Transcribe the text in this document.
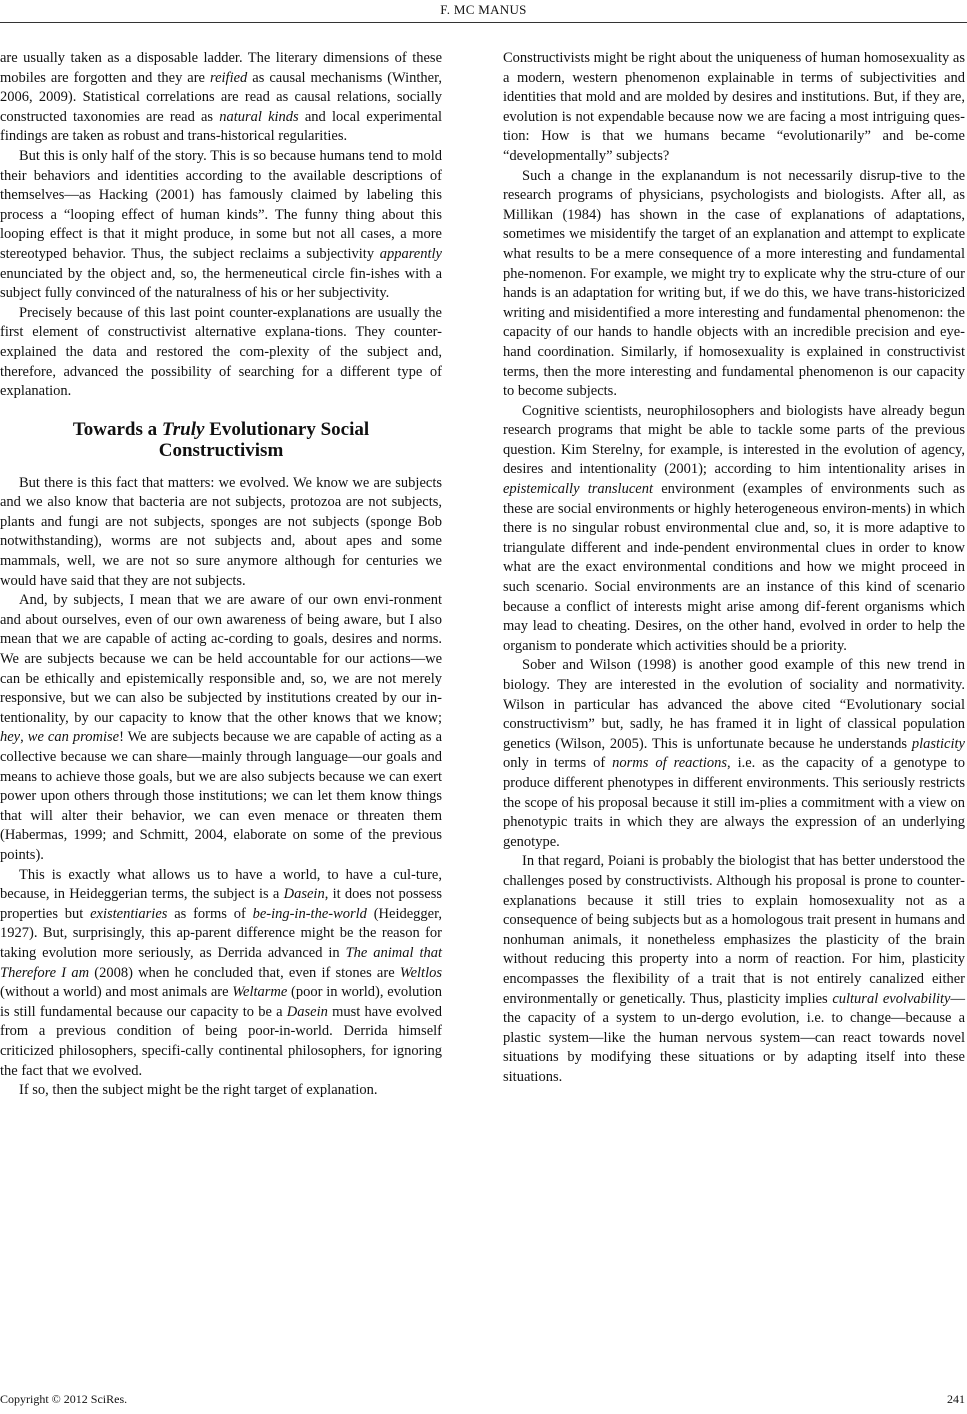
F. MC MANUS

are usually taken as a disposable ladder. The literary dimensions of these mobiles are forgotten and they are reified as causal mechanisms (Winther, 2006, 2009). Statistical correlations are read as causal relations, socially constructed taxonomies are read as natural kinds and local experimental findings are taken as robust and trans-historical regularities.

But this is only half of the story. This is so because humans tend to mold their behaviors and identities according to the available descriptions of themselves—as Hacking (2001) has famously claimed by labeling this process a “looping effect of human kinds”. The funny thing about this looping effect is that it might produce, in some but not all cases, a more stereotyped behavior. Thus, the subject reclaims a subjectivity apparently enunciated by the object and, so, the hermeneutical circle fin-ishes with a subject fully convinced of the naturalness of his or her subjectivity.

Precisely because of this last point counter-explanations are usually the first element of constructivist alternative explana-tions. They counter-explained the data and restored the com-plexity of the subject and, therefore, advanced the possibility of searching for a different type of explanation.

Towards a Truly Evolutionary Social
Constructivism

But there is this fact that matters: we evolved. We know we are subjects and we also know that bacteria are not subjects, protozoa are not subjects, plants and fungi are not subjects, sponges are not subjects (sponge Bob notwithstanding), worms are not subjects and, about apes and some mammals, well, we are not so sure anymore although for centuries we would have said that they are not subjects.

And, by subjects, I mean that we are aware of our own envi-ronment and about ourselves, even of our own awareness of being aware, but I also mean that we are capable of acting ac-cording to goals, desires and norms. We are subjects because we can be held accountable for our actions—we can be ethically and epistemically responsible and, so, we are not merely responsive, but we can also be subjected by institutions created by our in-tentionality, by our capacity to know that the other knows that we know; hey, we can promise! We are subjects because we are capable of acting as a collective because we can share—mainly through language—our goals and means to achieve those goals, but we are also subjects because we can exert power upon others through those institutions; we can let them know things that will alter their behavior, we can even menace or threaten them (Habermas, 1999; and Schmitt, 2004, elaborate on some of the previous points).

This is exactly what allows us to have a world, to have a cul-ture, because, in Heideggerian terms, the subject is a Dasein, it does not possess properties but existentiaries as forms of be-ing-in-the-world (Heidegger, 1927). But, surprisingly, this ap-parent difference might be the reason for taking evolution more seriously, as Derrida advanced in The animal that Therefore I am (2008) when he concluded that, even if stones are Weltlos (without a world) and most animals are Weltarme (poor in world), evolution is still fundamental because our capacity to be a Dasein must have evolved from a previous condition of being poor-in-world. Derrida himself criticized philosophers, specifi-cally continental philosophers, for ignoring the fact that we evolved.

If so, then the subject might be the right target of explanation.

Constructivists might be right about the uniqueness of human homosexuality as a modern, western phenomenon explainable in terms of subjectivities and identities that mold and are molded by desires and institutions. But, if they are, evolution is not expendable because now we are facing a most intriguing ques-tion: How is that we humans became “evolutionarily” and be-come “developmentally” subjects?

Such a change in the explanandum is not necessarily disrup-tive to the research programs of physicians, psychologists and biologists. After all, as Millikan (1984) has shown in the case of explanations of adaptations, sometimes we misidentify the target of an explanation and attempt to explicate what results to be a mere consequence of a more interesting and fundamental phe-nomenon. For example, we might try to explicate why the stru-cture of our hands is an adaptation for writing but, if we do this, we have trans-historicized writing and misidentified a more interesting and fundamental phenomenon: the capacity of our hands to handle objects with an incredible precision and eye-hand coordination. Similarly, if homosexuality is explained in constructivist terms, then the more interesting and fundamental phenomenon is our capacity to become subjects.

Cognitive scientists, neurophilosophers and biologists have already begun research programs that might be able to tackle some parts of the previous question. Kim Sterelny, for example, is interested in the evolution of agency, desires and intentionality (2001); according to him intentionality arises in epistemically translucent environment (examples of environments such as these are social environments or highly heterogeneous environ-ments) in which there is no singular robust environmental clue and, so, it is more adaptive to triangulate different and inde-pendent environmental clues in order to know what are the exact environmental conditions and how we might proceed in such scenario. Social environments are an instance of this kind of scenario because a conflict of interests might arise among dif-ferent organisms which may lead to cheating. Desires, on the other hand, evolved in order to help the organism to ponderate which activities should be a priority.

Sober and Wilson (1998) is another good example of this new trend in biology. They are interested in the evolution of sociality and normativity. Wilson in particular has advanced the above cited “Evolutionary social constructivism” but, sadly, he has framed it in light of classical population genetics (Wilson, 2005). This is unfortunate because he understands plasticity only in terms of norms of reactions, i.e. as the capacity of a genotype to produce different phenotypes in different environments. This seriously restricts the scope of his proposal because it still im-plies a commitment with a view on phenotypic traits in which they are always the expression of an underlying genotype.

In that regard, Poiani is probably the biologist that has better understood the challenges posed by constructivists. Although his proposal is prone to counter-explanations because it still tries to explain homosexuality not as a consequence of being subjects but as a homologous trait present in humans and nonhuman animals, it nonetheless emphasizes the plasticity of the brain without reducing this property into a norm of reaction. For him, plasticity encompasses the flexibility of a trait that is not entirely canalized either environmentally or genetically. Thus, plasticity implies cultural evolvability—the capacity of a system to un-dergo evolution, i.e. to change—because a plastic system—like the human nervous system—can react towards novel situations by modifying these situations or by adapting itself into these situations.

Copyright © 2012 SciRes.	241
